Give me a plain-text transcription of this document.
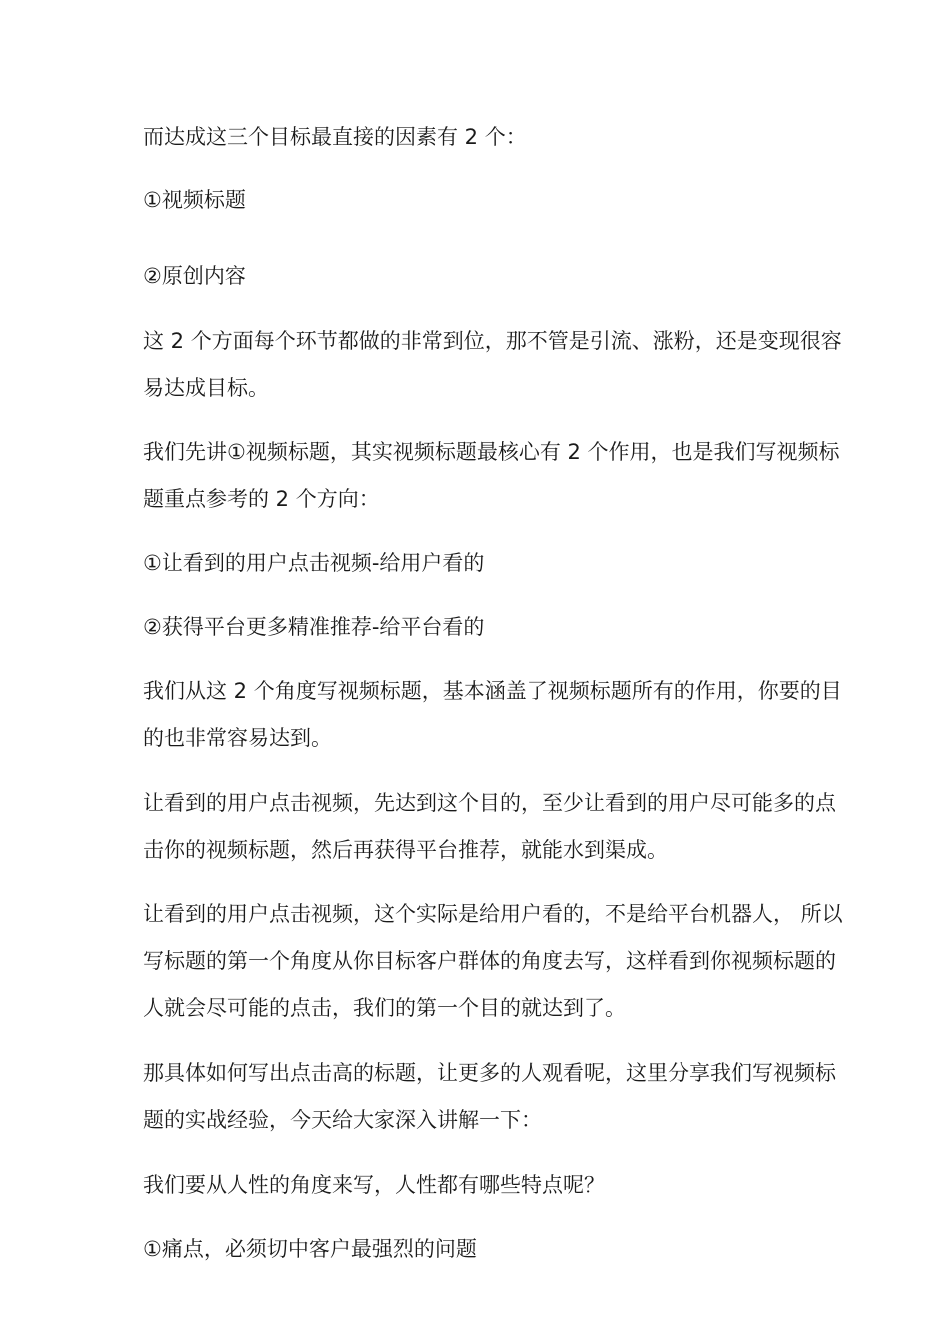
而达成这三个目标最直接的因素有 2 个：

①视频标题

②原创内容

这 2 个方面每个环节都做的非常到位，那不管是引流、涨粉，还是变现很容易达成目标。

我们先讲①视频标题，其实视频标题最核心有 2 个作用，也是我们写视频标题重点参考的 2 个方向：

①让看到的用户点击视频-给用户看的

②获得平台更多精准推荐-给平台看的

我们从这 2 个角度写视频标题，基本涵盖了视频标题所有的作用，你要的目的也非常容易达到。

让看到的用户点击视频，先达到这个目的，至少让看到的用户尽可能多的点击你的视频标题，然后再获得平台推荐，就能水到渠成。

让看到的用户点击视频，这个实际是给用户看的，不是给平台机器人， 所以写标题的第一个角度从你目标客户群体的角度去写，这样看到你视频标题的人就会尽可能的点击，我们的第一个目的就达到了。

那具体如何写出点击高的标题，让更多的人观看呢，这里分享我们写视频标题的实战经验，今天给大家深入讲解一下：

我们要从人性的角度来写，人性都有哪些特点呢？

①痛点，必须切中客户最强烈的问题
